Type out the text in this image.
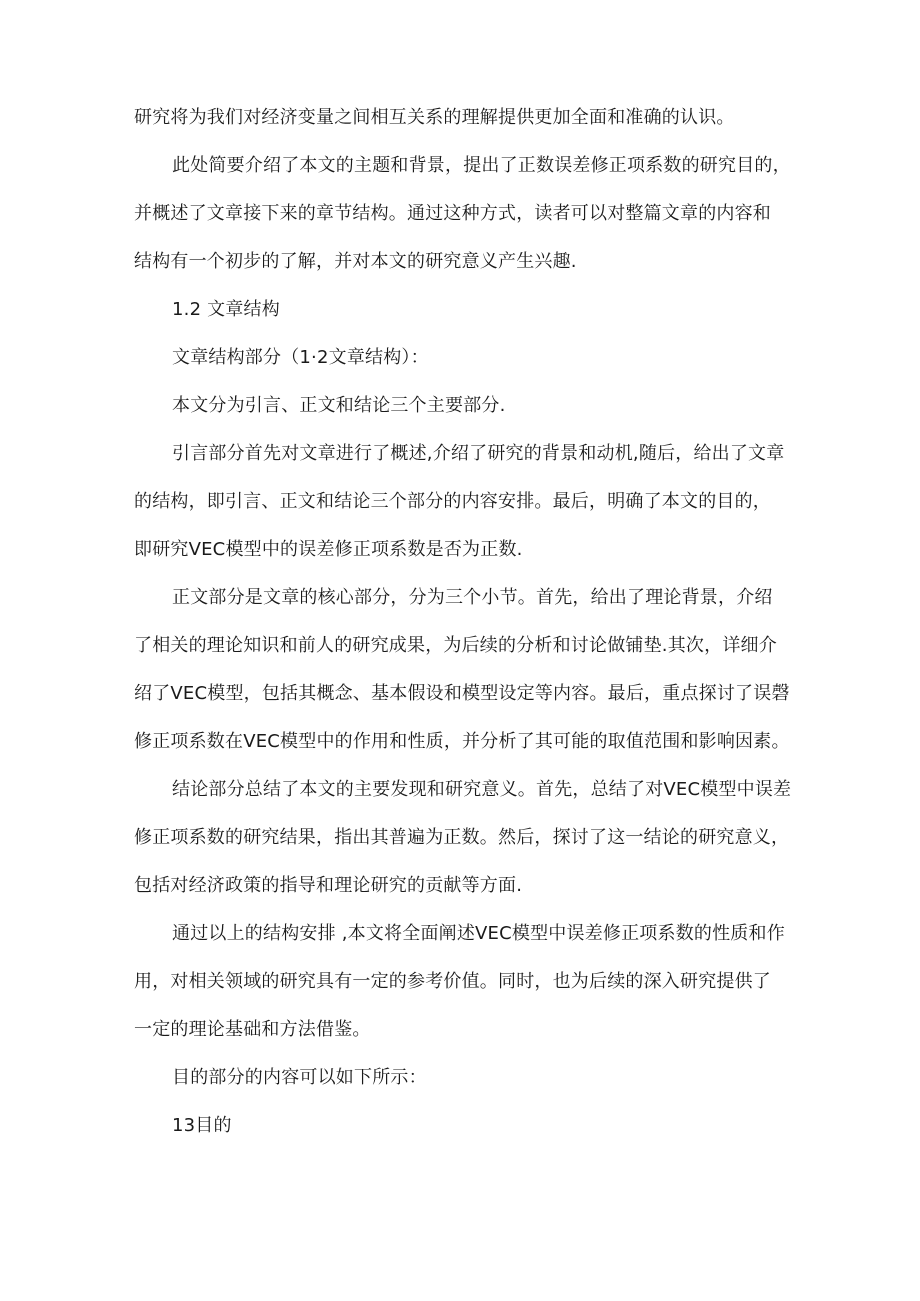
研究将为我们对经济变量之间相互关系的理解提供更加全面和准确的认识。
此处简要介绍了本文的主题和背景，提出了正数误差修正项系数的研究目的，
并概述了文章接下来的章节结构。通过这种方式，读者可以对整篇文章的内容和
结构有一个初步的了解，并对本文的研究意义产生兴趣.
1.2 文章结构
文章结构部分（1·2文章结构）：
本文分为引言、正文和结论三个主要部分.
引言部分首先对文章进行了概述,介绍了研究的背景和动机,随后，给出了文章
的结构，即引言、正文和结论三个部分的内容安排。最后，明确了本文的目的，
即研究VEC模型中的误差修正项系数是否为正数.
正文部分是文章的核心部分，分为三个小节。首先，给出了理论背景，介绍
了相关的理论知识和前人的研究成果，为后续的分析和讨论做铺垫.其次，详细介
绍了VEC模型，包括其概念、基本假设和模型设定等内容。最后，重点探讨了误磬
修正项系数在VEC模型中的作用和性质，并分析了其可能的取值范围和影响因素。
结论部分总结了本文的主要发现和研究意义。首先，总结了对VEC模型中误差
修正项系数的研究结果，指出其普遍为正数。然后，探讨了这一结论的研究意义，
包括对经济政策的指导和理论研究的贡献等方面.
通过以上的结构安排 ,本文将全面阐述VEC模型中误差修正项系数的性质和作
用，对相关领域的研究具有一定的参考价值。同时，也为后续的深入研究提供了
一定的理论基础和方法借鉴。
目的部分的内容可以如下所示：
13目的
